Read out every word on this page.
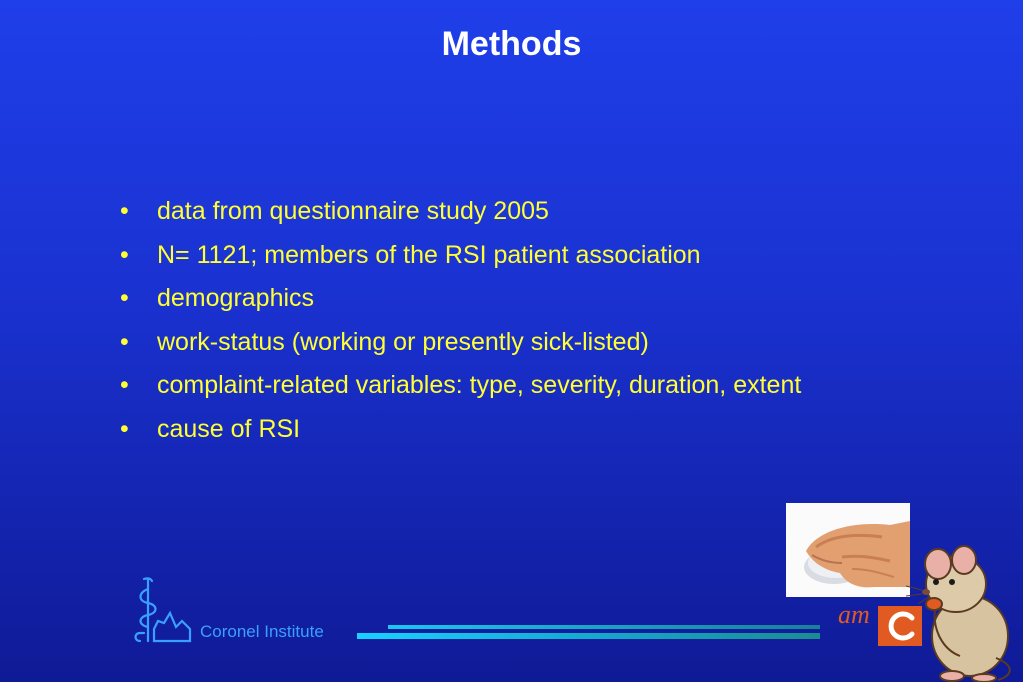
Methods
• data from questionnaire study 2005
• N= 1121; members of the RSI patient association
• demographics
• work-status (working or presently sick-listed)
• complaint-related variables: type, severity, duration, extent
• cause of RSI
Coronel Institute
am
